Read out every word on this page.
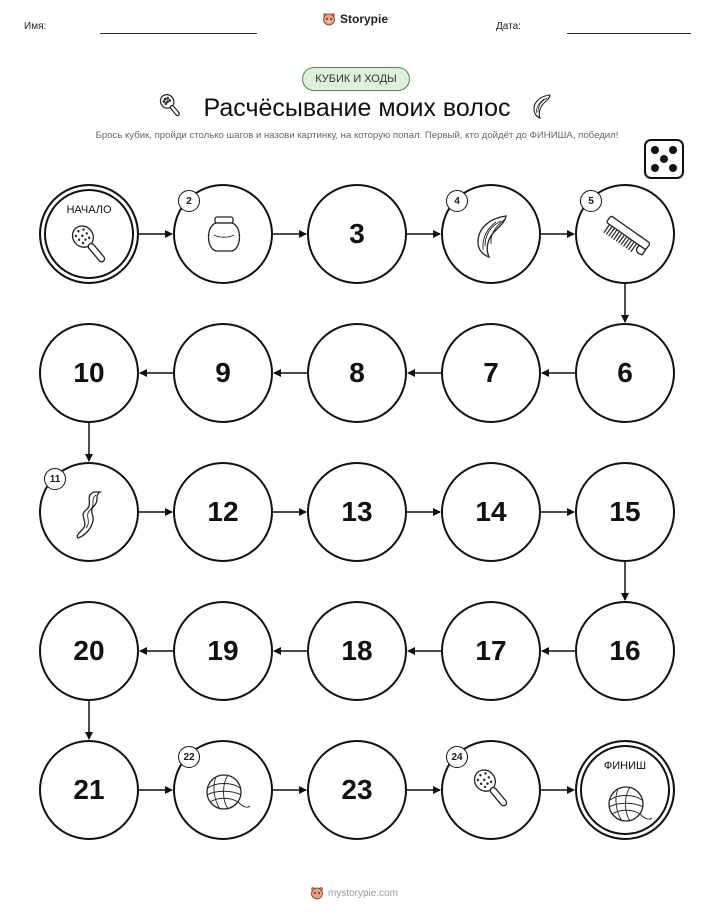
Имя:
Storypie
Дата:
КУБИК И ХОДЫ
Расчёсывание моих волос
Брось кубик, пройди столько шагов и назови картинку, на которую попал. Первый, кто дойдёт до ФИНИША, победил!
НАЧАЛО
2
3
4	5
6
7
8
9
10
11
12	13	14	15
16
17
18
19
20
21
22
23
24
ФИНИШ
mystorypie.com
